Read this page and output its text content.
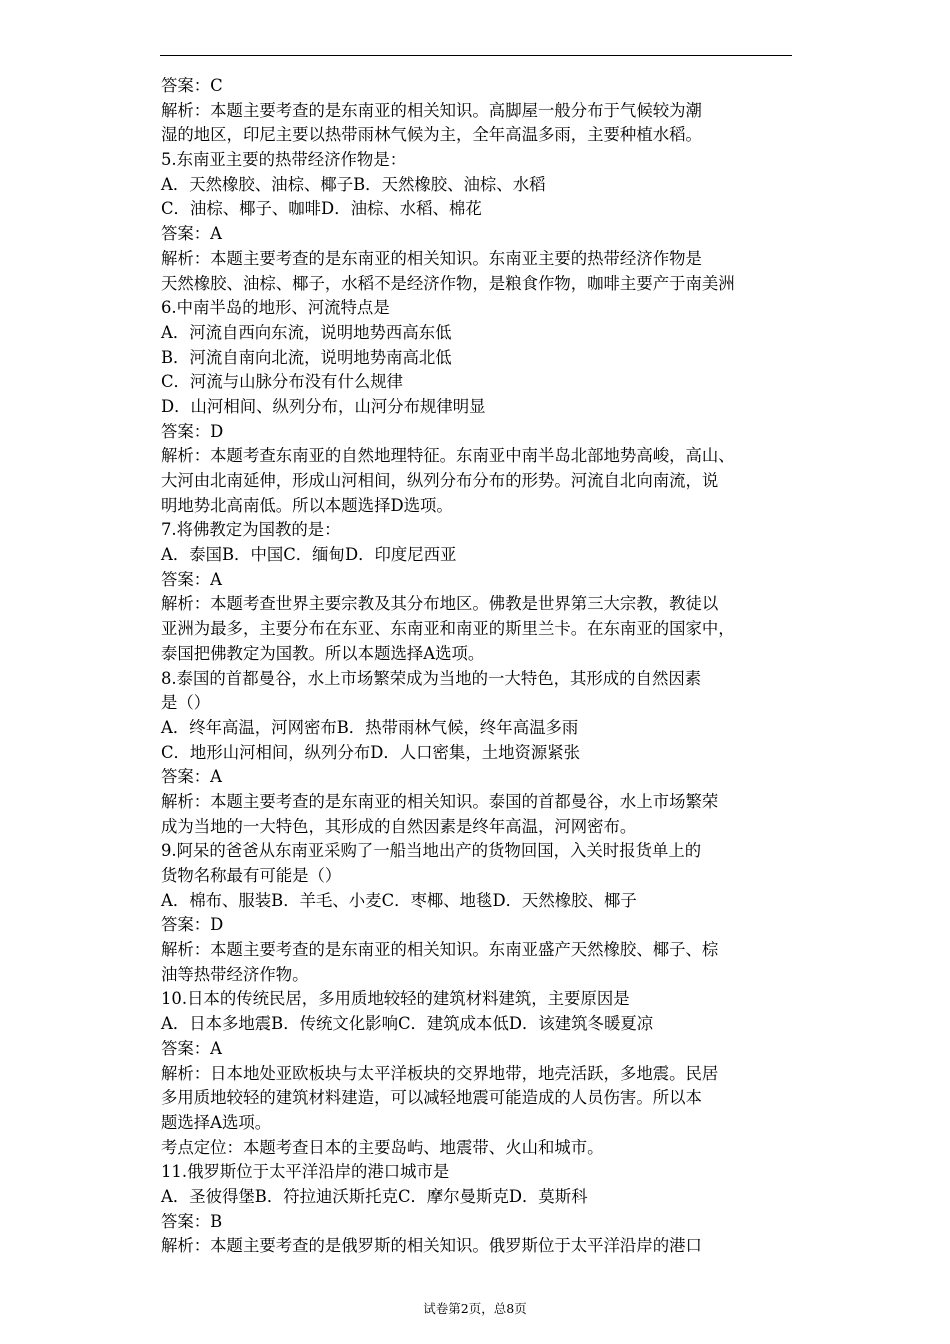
答案：C
解析：本题主要考查的是东南亚的相关知识。高脚屋一般分布于气候较为潮
湿的地区，印尼主要以热带雨林气候为主，全年高温多雨，主要种植水稻。
5.东南亚主要的热带经济作物是：
A．天然橡胶、油棕、椰子B．天然橡胶、油棕、水稻
C．油棕、椰子、咖啡D．油棕、水稻、棉花
答案：A
解析：本题主要考查的是东南亚的相关知识。东南亚主要的热带经济作物是
天然橡胶、油棕、椰子，水稻不是经济作物，是粮食作物，咖啡主要产于南美洲
6.中南半岛的地形、河流特点是
A．河流自西向东流，说明地势西高东低
B．河流自南向北流，说明地势南高北低
C．河流与山脉分布没有什么规律
D．山河相间、纵列分布，山河分布规律明显
答案：D
解析：本题考查东南亚的自然地理特征。东南亚中南半岛北部地势高峻，高山、
大河由北南延伸，形成山河相间，纵列分布分布的形势。河流自北向南流，说
明地势北高南低。所以本题选择D选项。
7.将佛教定为国教的是：
A．泰国B．中国C．缅甸D．印度尼西亚
答案：A
解析：本题考查世界主要宗教及其分布地区。佛教是世界第三大宗教，教徒以
亚洲为最多，主要分布在东亚、东南亚和南亚的斯里兰卡。在东南亚的国家中，
泰国把佛教定为国教。所以本题选择A选项。
8.泰国的首都曼谷，水上市场繁荣成为当地的一大特色，其形成的自然因素
是（）
A．终年高温，河网密布B．热带雨林气候，终年高温多雨
C．地形山河相间，纵列分布D．人口密集，土地资源紧张
答案：A
解析：本题主要考查的是东南亚的相关知识。泰国的首都曼谷，水上市场繁荣
成为当地的一大特色，其形成的自然因素是终年高温，河网密布。
9.阿呆的爸爸从东南亚采购了一船当地出产的货物回国，入关时报货单上的
货物名称最有可能是（）
A．棉布、服装B．羊毛、小麦C．枣椰、地毯D．天然橡胶、椰子
答案：D
解析：本题主要考查的是东南亚的相关知识。东南亚盛产天然橡胶、椰子、棕
油等热带经济作物。
10.日本的传统民居，多用质地较轻的建筑材料建筑，主要原因是
A．日本多地震B．传统文化影响C．建筑成本低D．该建筑冬暖夏凉
答案：A
解析：日本地处亚欧板块与太平洋板块的交界地带，地壳活跃，多地震。民居
多用质地较轻的建筑材料建造，可以减轻地震可能造成的人员伤害。所以本
题选择A选项。
考点定位：本题考查日本的主要岛屿、地震带、火山和城市。
11.俄罗斯位于太平洋沿岸的港口城市是
A．圣彼得堡B．符拉迪沃斯托克C．摩尔曼斯克D．莫斯科
答案：B
解析：本题主要考查的是俄罗斯的相关知识。俄罗斯位于太平洋沿岸的港口
试卷第2页，总8页
